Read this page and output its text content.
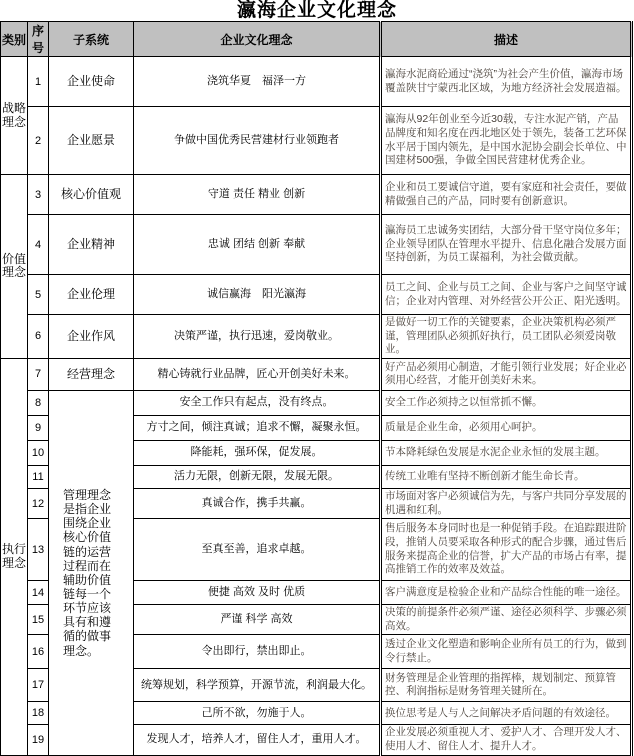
瀛海企业文化理念
类别	序号	子系统	企业文化理念	描述
战略理念	1	企业使命	浇筑华夏　福泽一方	瀛海水泥商砼通过“浇筑”为社会产生价值，瀛海市场覆盖陕甘宁蒙西北区域，为地方经济社会发展造福。
	2	企业愿景	争做中国优秀民营建材行业领跑者	瀛海从92年创业至今近30载，专注水泥产销，产品品牌度和知名度在西北地区处于领先，装备工艺环保水平居于国内领先，是中国水泥协会副会长单位、中国建材500强，争做全国民营建材优秀企业。
价值理念	3	核心价值观	守道 责任 精业 创新	企业和员工要诚信守道，要有家庭和社会责任，要做精做强自己的产品，同时要有创新意识。
	4	企业精神	忠诚 团结 创新 奉献	瀛海员工忠诚务实团结，大部分骨干坚守岗位多年；企业领导团队在管理水平提升、信息化融合发展方面坚持创新，为员工谋福利，为社会做贡献。
	5	企业伦理	诚信赢海　阳光瀛海	员工之间、企业与员工之间、企业与客户之间坚守诚信；企业对内管理、对外经营公开公正、阳光透明。
	6	企业作风	决策严谨，执行迅速，爱岗敬业。	是做好一切工作的关键要素，企业决策机构必须严谨，管理团队必须抓好执行，员工团队必须爱岗敬业。
执行理念	7	经营理念	精心铸就行业品牌，匠心开创美好未来。	好产品必须用心制造，才能引领行业发展；好企业必须用心经营，才能开创美好未来。
	8	管理理念是指企业围绕企业核心价值链的运营过程而在辅助价值链每一个环节应该具有和遵循的做事理念。	安全工作只有起点，没有终点。	安全工作必须持之以恒常抓不懈。
	9		方寸之间，倾注真诚；追求不懈，凝聚永恒。	质量是企业生命，必须用心呵护。
	10		降能耗，强环保，促发展。	节本降耗绿色发展是水泥企业永恒的发展主题。
	11		活力无限，创新无限，发展无限。	传统工业唯有坚持不断创新才能生命长青。
	12		真诚合作，携手共赢。	市场面对客户必须诚信为先，与客户共同分享发展的机遇和红利。
	13		至真至善，追求卓越。	售后服务本身同时也是一种促销手段。在追踪跟进阶段，推销人员要采取各种形式的配合步骤，通过售后服务来提高企业的信誉，扩大产品的市场占有率，提高推销工作的效率及效益。
	14		便捷 高效 及时 优质	客户满意度是检验企业和产品综合性能的唯一途径。
	15		严谨 科学 高效	决策的前提条件必须严谨、途径必须科学、步骤必须高效。
	16		令出即行，禁出即止。	透过企业文化塑造和影响企业所有员工的行为，做到令行禁止。
	17		统筹规划，科学预算，开源节流，利润最大化。	财务管理是企业管理的指挥棒，规划制定、预算管控、利润指标是财务管理关键所在。
	18		己所不欲，勿施于人。	换位思考是人与人之间解决矛盾问题的有效途径。
	19		发现人才，培养人才，留住人才，重用人才。	企业发展必须重视人才、爱护人才、合理开发人才、使用人才、留住人才、提升人才。
